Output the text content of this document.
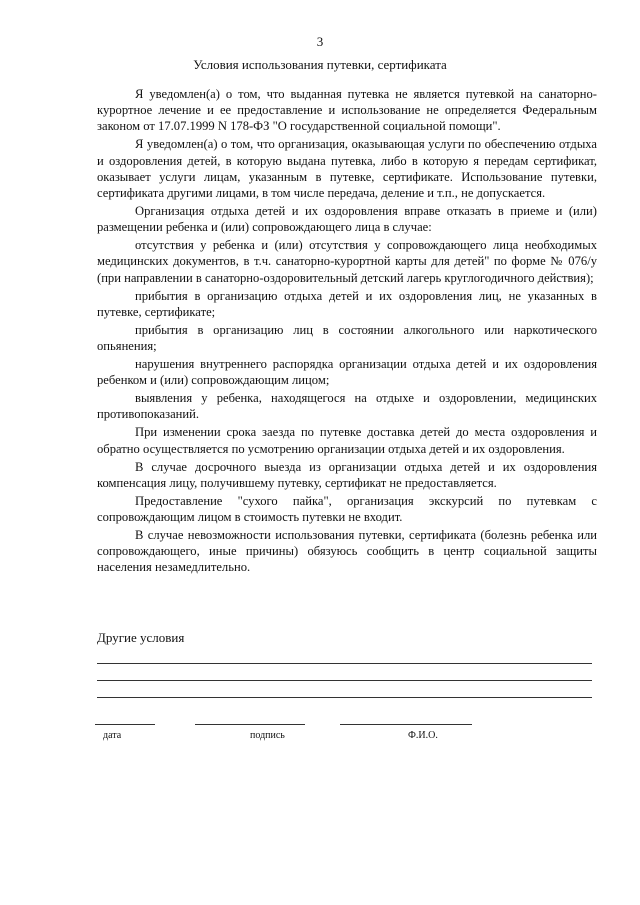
3
Условия использования путевки, сертификата

Я уведомлен(а) о том, что выданная путевка не является путевкой на санаторно-курортное лечение и ее предоставление и использование не определяется Федеральным законом от 17.07.1999 N 178-ФЗ "О государственной социальной помощи".

Я уведомлен(а) о том, что организация, оказывающая услуги по обеспечению отдыха и оздоровления детей, в которую выдана путевка, либо в которую я передам сертификат, оказывает услуги лицам, указанным в путевке, сертификате. Использование путевки, сертификата другими лицами, в том числе передача, деление и т.п., не допускается.

Организация отдыха детей и их оздоровления вправе отказать в приеме и (или) размещении ребенка и (или) сопровождающего лица в случае:

отсутствия у ребенка и (или) отсутствия у сопровождающего лица необходимых медицинских документов, в т.ч. санаторно-курортной карты для детей" по форме № 076/у (при направлении в санаторно-оздоровительный детский лагерь круглогодичного действия);

прибытия в организацию отдыха детей и их оздоровления лиц, не указанных в путевке, сертификате;

прибытия в организацию лиц в состоянии алкогольного или наркотического опьянения;

нарушения внутреннего распорядка организации отдыха детей и их оздоровления ребенком и (или) сопровождающим лицом;

выявления у ребенка, находящегося на отдыхе и оздоровлении, медицинских противопоказаний.

При изменении срока заезда по путевке доставка детей до места оздоровления и обратно осуществляется по усмотрению организации отдыха детей и их оздоровления.

В случае досрочного выезда из организации отдыха детей и их оздоровления компенсация лицу, получившему путевку, сертификат не предоставляется.

Предоставление "сухого пайка", организация экскурсий по путевкам с сопровождающим лицом в стоимость путевки не входит.

В случае невозможности использования путевки, сертификата (болезнь ребенка или сопровождающего, иные причины) обязуюсь сообщить в центр социальной защиты населения незамедлительно.

Другие условия
дата	подпись	Ф.И.О.
